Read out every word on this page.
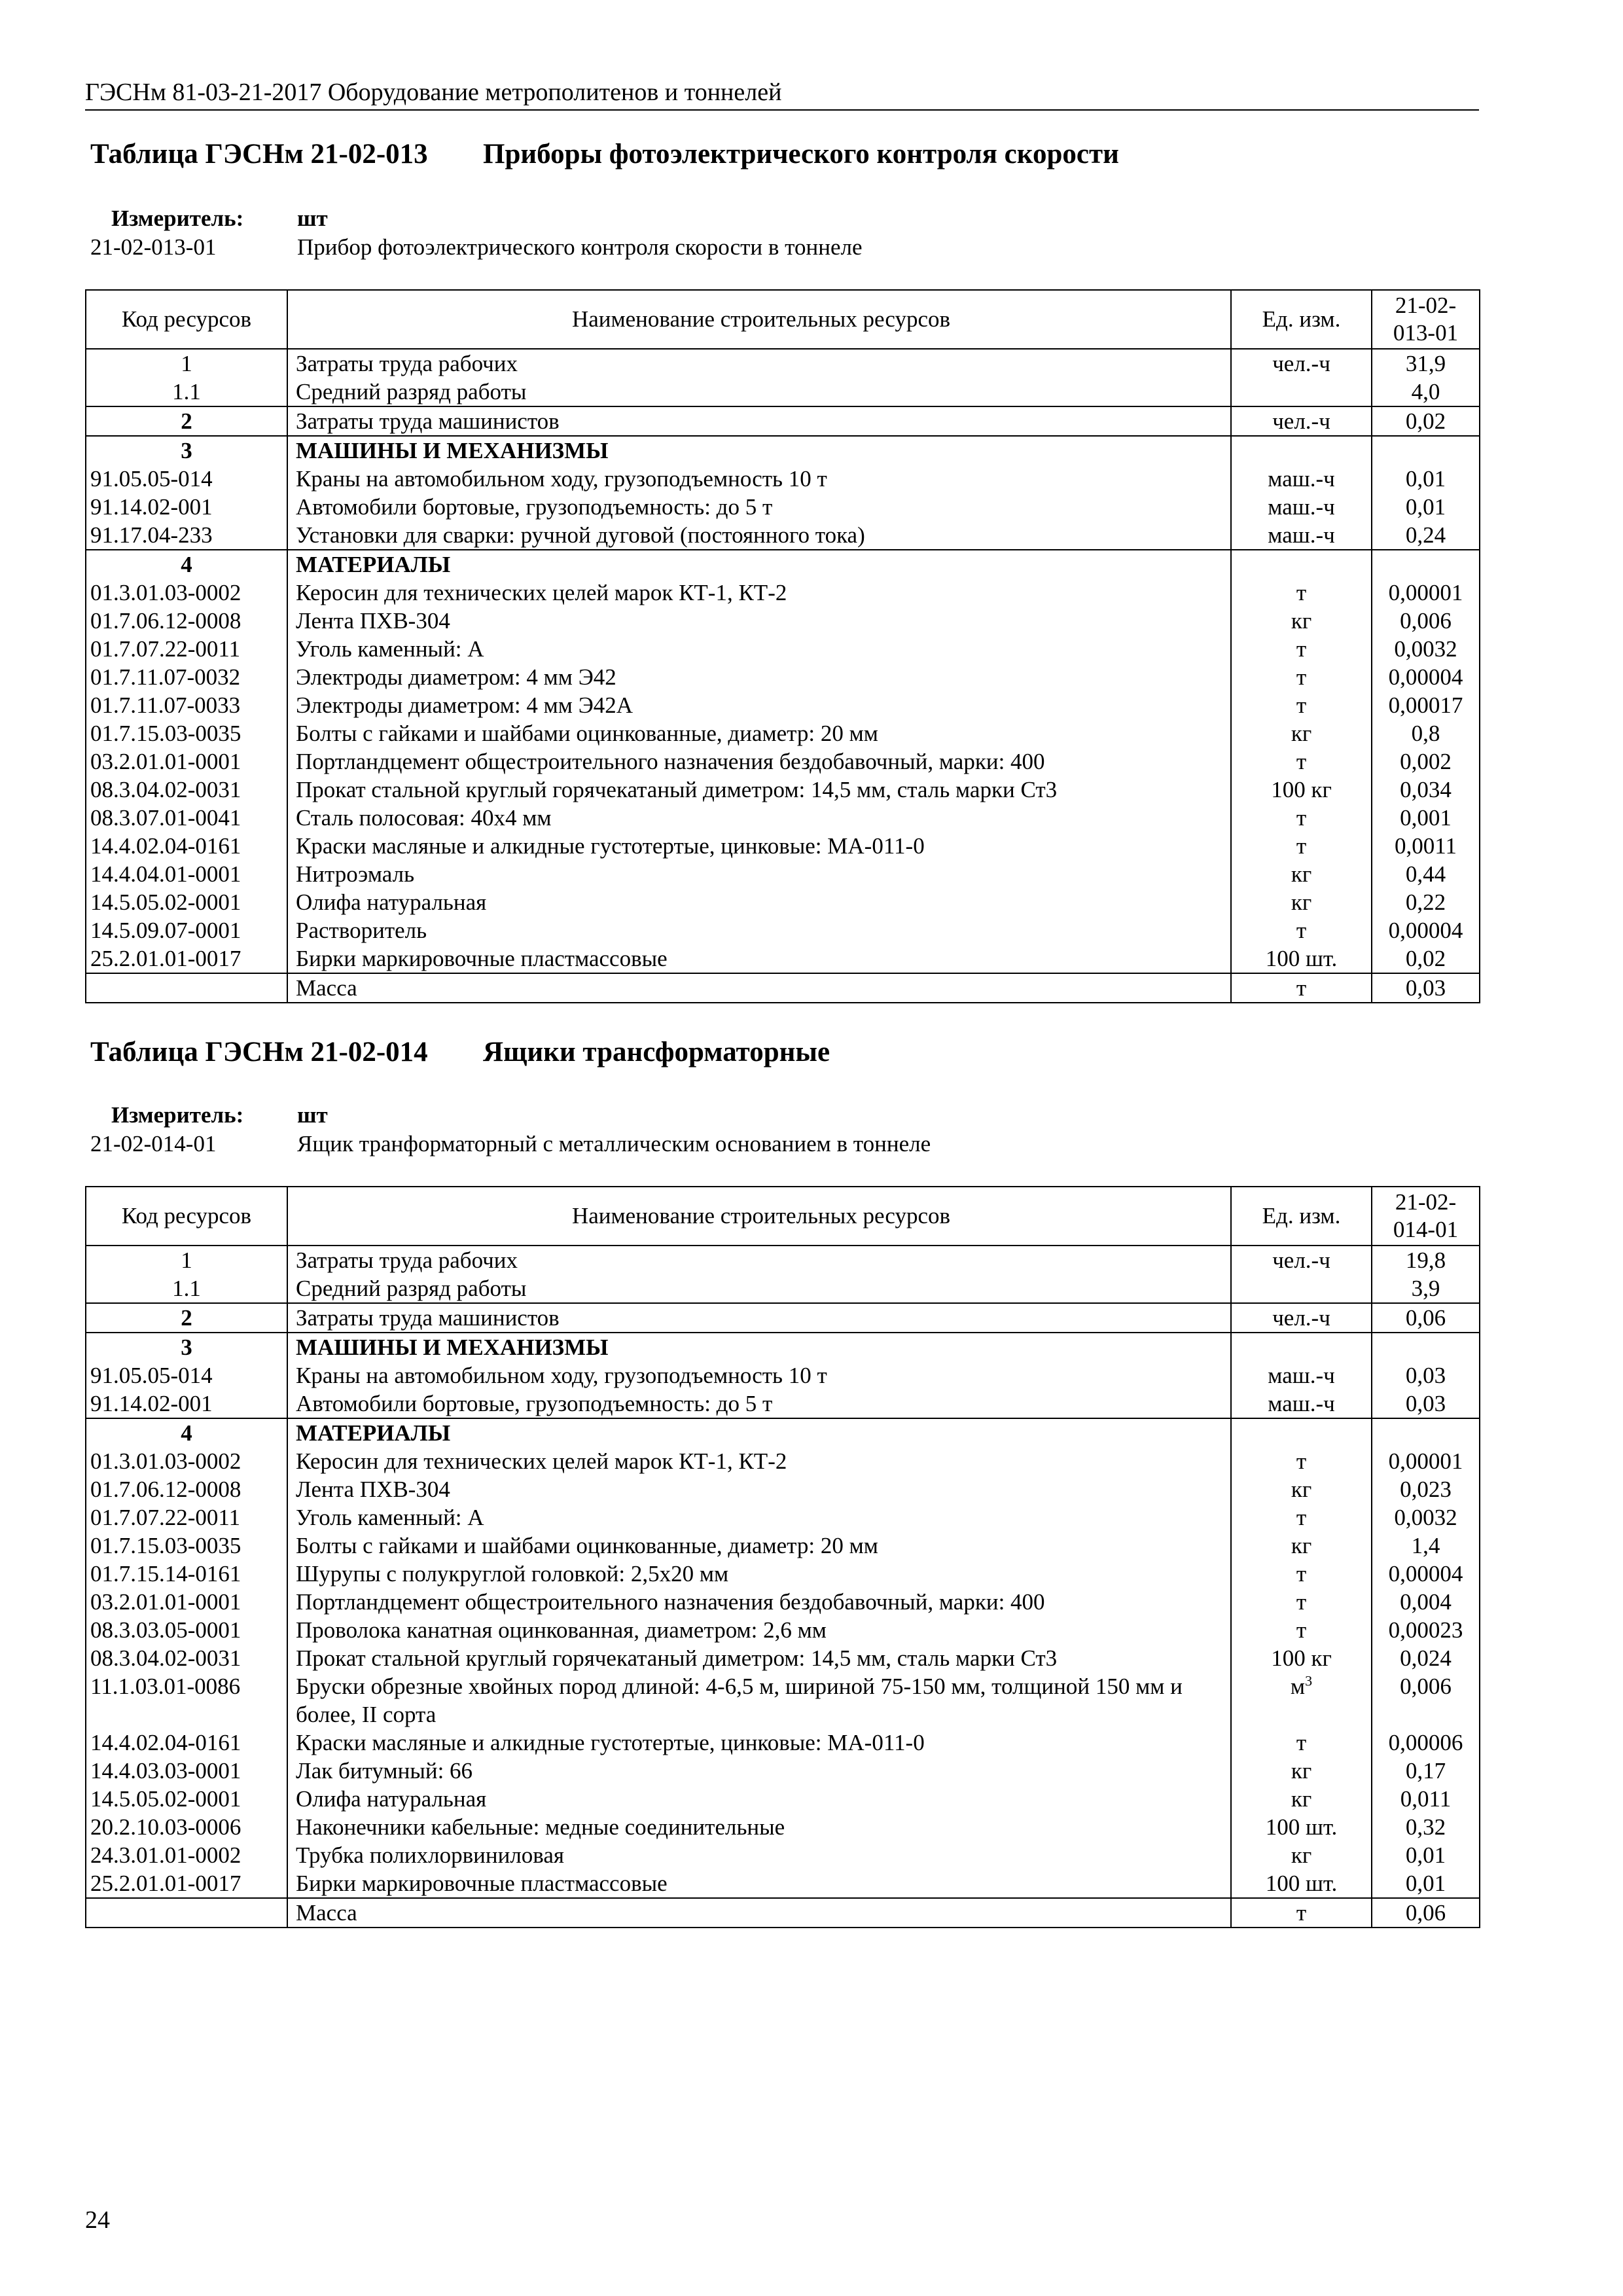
ГЭСНм 81-03-21-2017 Оборудование метрополитенов и тоннелей
Таблица ГЭСНм 21-02-013 Приборы фотоэлектрического контроля скорости
Измеритель:	шт
21-02-013-01	Прибор фотоэлектрического контроля скорости в тоннеле
Код ресурсов	Наименование строительных ресурсов	Ед. изм.	21-02-013-01
1	Затраты труда рабочих	чел.-ч	31,9
1.1	Средний разряд работы		4,0
2	Затраты труда машинистов	чел.-ч	0,02
3	МАШИНЫ И МЕХАНИЗМЫ		
91.05.05-014	Краны на автомобильном ходу, грузоподъемность 10 т	маш.-ч	0,01
91.14.02-001	Автомобили бортовые, грузоподъемность: до 5 т	маш.-ч	0,01
91.17.04-233	Установки для сварки: ручной дуговой (постоянного тока)	маш.-ч	0,24
4	МАТЕРИАЛЫ		
01.3.01.03-0002	Керосин для технических целей марок КТ-1, КТ-2	т	0,00001
01.7.06.12-0008	Лента ПХВ-304	кг	0,006
01.7.07.22-0011	Уголь каменный: А	т	0,0032
01.7.11.07-0032	Электроды диаметром: 4 мм Э42	т	0,00004
01.7.11.07-0033	Электроды диаметром: 4 мм Э42А	т	0,00017
01.7.15.03-0035	Болты с гайками и шайбами оцинкованные, диаметр: 20 мм	кг	0,8
03.2.01.01-0001	Портландцемент общестроительного назначения бездобавочный, марки: 400	т	0,002
08.3.04.02-0031	Прокат стальной круглый горячекатаный диметром: 14,5 мм, сталь марки Ст3	100 кг	0,034
08.3.07.01-0041	Сталь полосовая: 40х4 мм	т	0,001
14.4.02.04-0161	Краски масляные и алкидные густотертые, цинковые: МА-011-0	т	0,0011
14.4.04.01-0001	Нитроэмаль	кг	0,44
14.5.05.02-0001	Олифа натуральная	кг	0,22
14.5.09.07-0001	Растворитель	т	0,00004
25.2.01.01-0017	Бирки маркировочные пластмассовые	100 шт.	0,02
	Масса	т	0,03
Таблица ГЭСНм 21-02-014 Ящики трансформаторные
Измеритель:	шт
21-02-014-01	Ящик транформаторный с металлическим основанием в тоннеле
Код ресурсов	Наименование строительных ресурсов	Ед. изм.	21-02-014-01
1	Затраты труда рабочих	чел.-ч	19,8
1.1	Средний разряд работы		3,9
2	Затраты труда машинистов	чел.-ч	0,06
3	МАШИНЫ И МЕХАНИЗМЫ		
91.05.05-014	Краны на автомобильном ходу, грузоподъемность 10 т	маш.-ч	0,03
91.14.02-001	Автомобили бортовые, грузоподъемность: до 5 т	маш.-ч	0,03
4	МАТЕРИАЛЫ		
01.3.01.03-0002	Керосин для технических целей марок КТ-1, КТ-2	т	0,00001
01.7.06.12-0008	Лента ПХВ-304	кг	0,023
01.7.07.22-0011	Уголь каменный: А	т	0,0032
01.7.15.03-0035	Болты с гайками и шайбами оцинкованные, диаметр: 20 мм	кг	1,4
01.7.15.14-0161	Шурупы с полукруглой головкой: 2,5х20 мм	т	0,00004
03.2.01.01-0001	Портландцемент общестроительного назначения бездобавочный, марки: 400	т	0,004
08.3.03.05-0001	Проволока канатная оцинкованная, диаметром: 2,6 мм	т	0,00023
08.3.04.02-0031	Прокат стальной круглый горячекатаный диметром: 14,5 мм, сталь марки Ст3	100 кг	0,024
11.1.03.01-0086	Бруски обрезные хвойных пород длиной: 4-6,5 м, шириной 75-150 мм, толщиной 150 мм и более, II сорта	$м^3$	0,006
14.4.02.04-0161	Краски масляные и алкидные густотертые, цинковые: МА-011-0	т	0,00006
14.4.03.03-0001	Лак битумный: 66	кг	0,17
14.5.05.02-0001	Олифа натуральная	кг	0,011
20.2.10.03-0006	Наконечники кабельные: медные соединительные	100 шт.	0,32
24.3.01.01-0002	Трубка полихлорвиниловая	кг	0,01
25.2.01.01-0017	Бирки маркировочные пластмассовые	100 шт.	0,01
	Масса	т	0,06
24
